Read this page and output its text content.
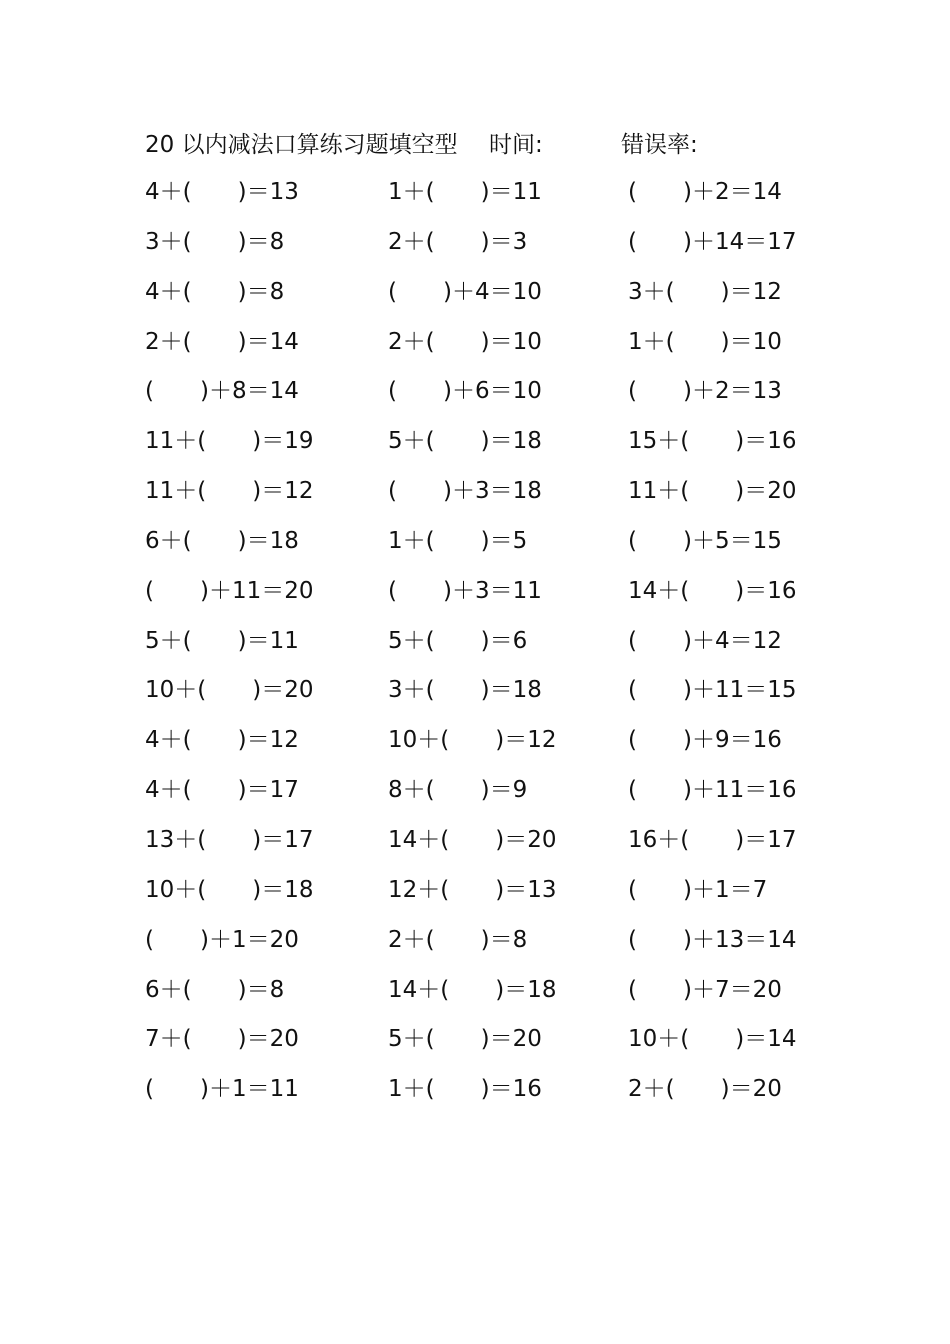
20 以内减法口算练习题填空型 时间:	错误率:
4＋(　　)＝13	1＋(　　)＝11	(　　)＋2＝14
3＋(　　)＝8	2＋(　　)＝3	(　　)＋14＝17
4＋(　　)＝8	(　　)＋4＝10	3＋(　　)＝12
2＋(　　)＝14	2＋(　　)＝10	1＋(　　)＝10
(　　)＋8＝14	(　　)＋6＝10	(　　)＋2＝13
11＋(　　)＝19	5＋(　　)＝18	15＋(　　)＝16
11＋(　　)＝12	(　　)＋3＝18	11＋(　　)＝20
6＋(　　)＝18	1＋(　　)＝5	(　　)＋5＝15
(　　)＋11＝20	(　　)＋3＝11	14＋(　　)＝16
5＋(　　)＝11	5＋(　　)＝6	(　　)＋4＝12
10＋(　　)＝20	3＋(　　)＝18	(　　)＋11＝15
4＋(　　)＝12	10＋(　　)＝12	(　　)＋9＝16
4＋(　　)＝17	8＋(　　)＝9	(　　)＋11＝16
13＋(　　)＝17	14＋(　　)＝20	16＋(　　)＝17
10＋(　　)＝18	12＋(　　)＝13	(　　)＋1＝7
(　　)＋1＝20	2＋(　　)＝8	(　　)＋13＝14
6＋(　　)＝8	14＋(　　)＝18	(　　)＋7＝20
7＋(　　)＝20	5＋(　　)＝20	10＋(　　)＝14
(　　)＋1＝11	1＋(　　)＝16	2＋(　　)＝20
